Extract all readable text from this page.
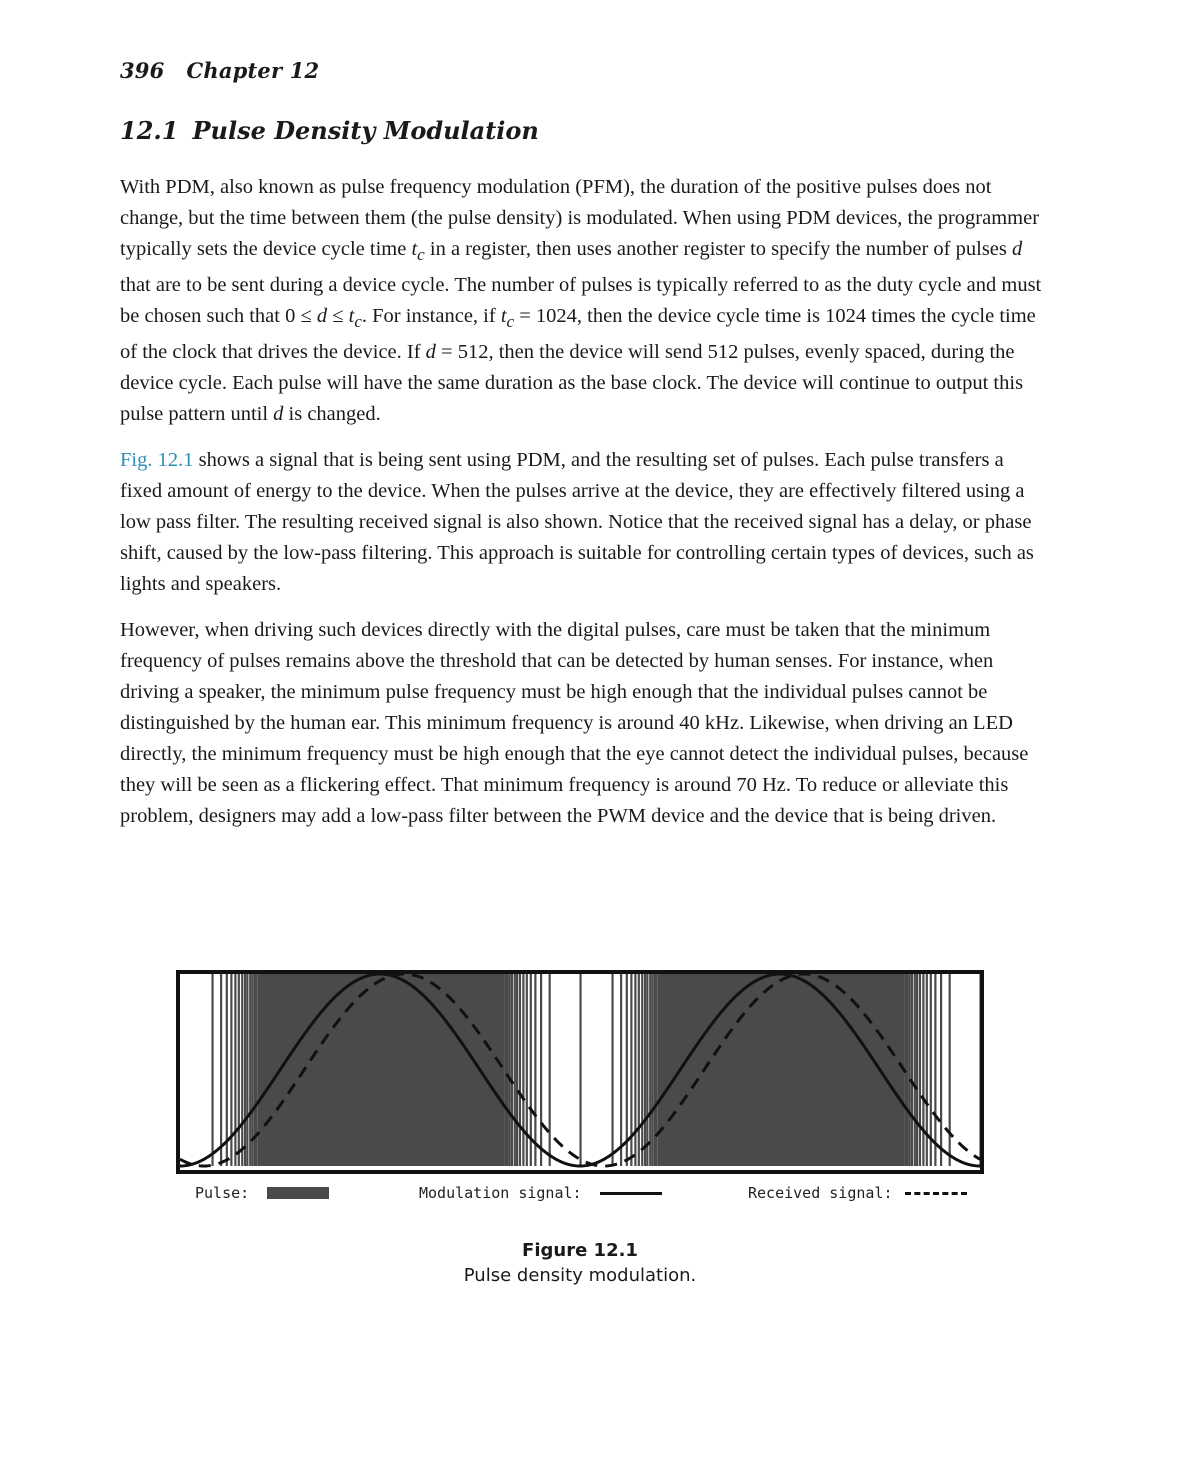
396 Chapter 12
12.1 Pulse Density Modulation

With PDM, also known as pulse frequency modulation (PFM), the duration of the positive pulses does not change, but the time between them (the pulse density) is modulated. When using PDM devices, the programmer typically sets the device cycle time $t_c$ in a register, then uses another register to specify the number of pulses d that are to be sent during a device cycle. The number of pulses is typically referred to as the duty cycle and must be chosen such that $0 \le d \le t_c$. For instance, if $t_c = 1024$, then the device cycle time is 1024 times the cycle time of the clock that drives the device. If d = 512, then the device will send 512 pulses, evenly spaced, during the device cycle. Each pulse will have the same duration as the base clock. The device will continue to output this pulse pattern until d is changed.

Fig. 12.1 shows a signal that is being sent using PDM, and the resulting set of pulses. Each pulse transfers a fixed amount of energy to the device. When the pulses arrive at the device, they are effectively filtered using a low pass filter. The resulting received signal is also shown. Notice that the received signal has a delay, or phase shift, caused by the low-pass filtering. This approach is suitable for controlling certain types of devices, such as lights and speakers.

However, when driving such devices directly with the digital pulses, care must be taken that the minimum frequency of pulses remains above the threshold that can be detected by human senses. For instance, when driving a speaker, the minimum pulse frequency must be high enough that the individual pulses cannot be distinguished by the human ear. This minimum frequency is around 40 kHz. Likewise, when driving an LED directly, the minimum frequency must be high enough that the eye cannot detect the individual pulses, because they will be seen as a flickering effect. That minimum frequency is around 70 Hz. To reduce or alleviate this problem, designers may add a low-pass filter between the PWM device and the device that is being driven.

Pulse:	Modulation signal:	Received signal:
Figure 12.1
Pulse density modulation.
